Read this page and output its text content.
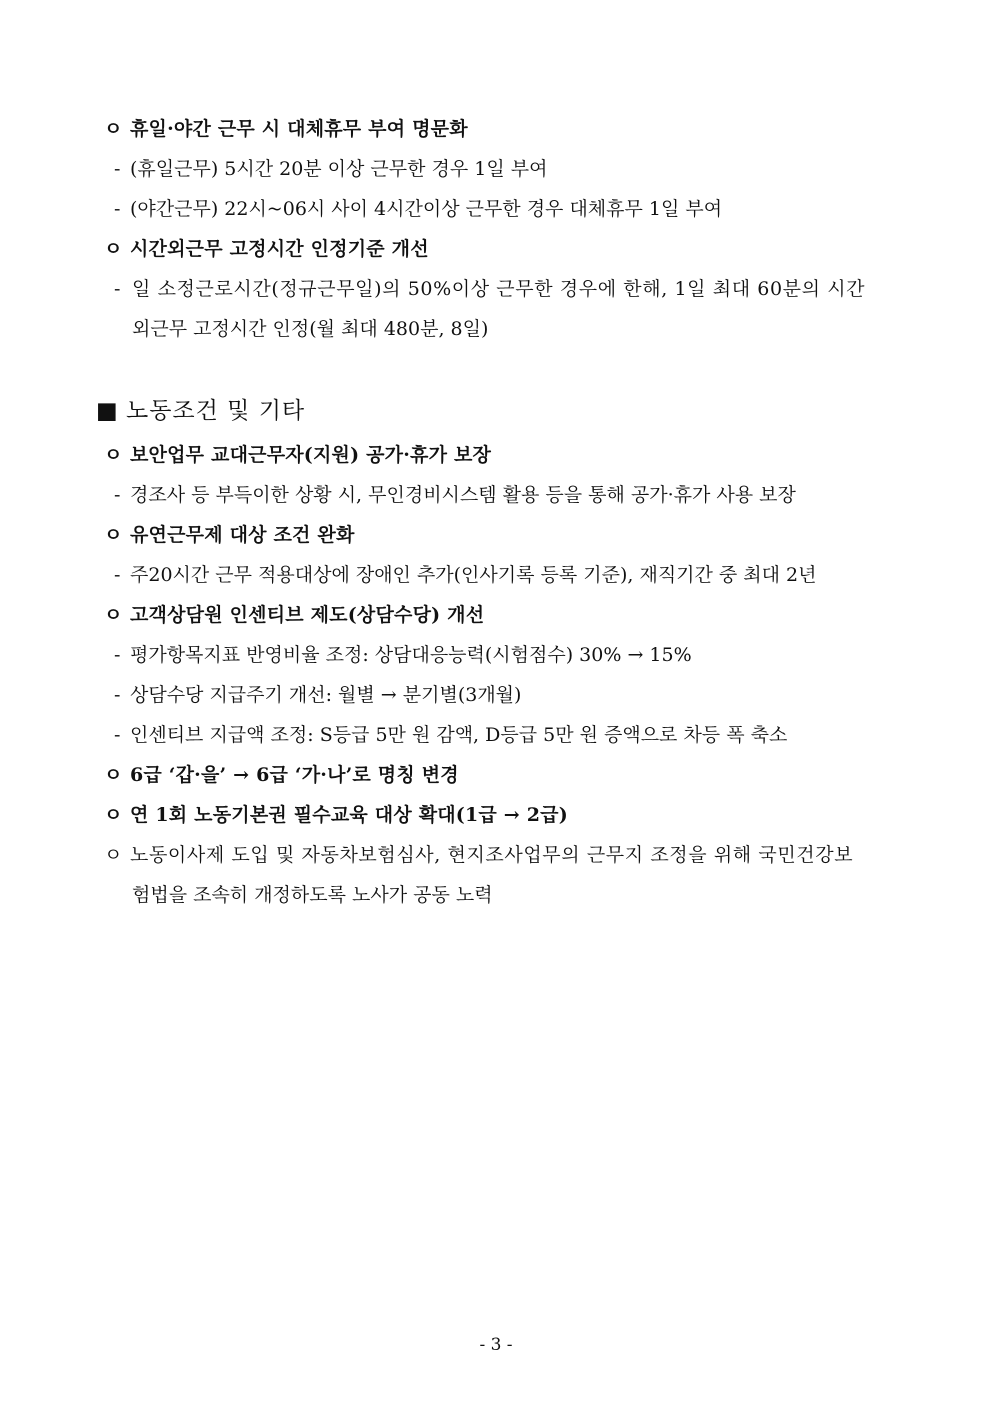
ㅇ 휴일·야간 근무 시 대체휴무 부여 명문화
- (휴일근무) 5시간 20분 이상 근무한 경우 1일 부여
- (야간근무) 22시~06시 사이 4시간이상 근무한 경우 대체휴무 1일 부여
ㅇ 시간외근무 고정시간 인정기준 개선
- 일 소정근로시간(정규근무일)의 50%이상 근무한 경우에 한해, 1일 최대 60분의 시간
외근무 고정시간 인정(월 최대 480분, 8일)
■ 노동조건 및 기타
ㅇ 보안업무 교대근무자(지원) 공가·휴가 보장
- 경조사 등 부득이한 상황 시, 무인경비시스템 활용 등을 통해 공가·휴가 사용 보장
ㅇ 유연근무제 대상 조건 완화
- 주20시간 근무 적용대상에 장애인 추가(인사기록 등록 기준), 재직기간 중 최대 2년
ㅇ 고객상담원 인센티브 제도(상담수당) 개선
- 평가항목지표 반영비율 조정: 상담대응능력(시험점수) 30% → 15%
- 상담수당 지급주기 개선: 월별 → 분기별(3개월)
- 인센티브 지급액 조정: S등급 5만 원 감액, D등급 5만 원 증액으로 차등 폭 축소
ㅇ 6급 ‘갑·을’ → 6급 ‘가·나’로 명칭 변경
ㅇ 연 1회 노동기본권 필수교육 대상 확대(1급 → 2급)
ㅇ 노동이사제 도입 및 자동차보험심사, 현지조사업무의 근무지 조정을 위해 국민건강보
험법을 조속히 개정하도록 노사가 공동 노력
- 3 -
